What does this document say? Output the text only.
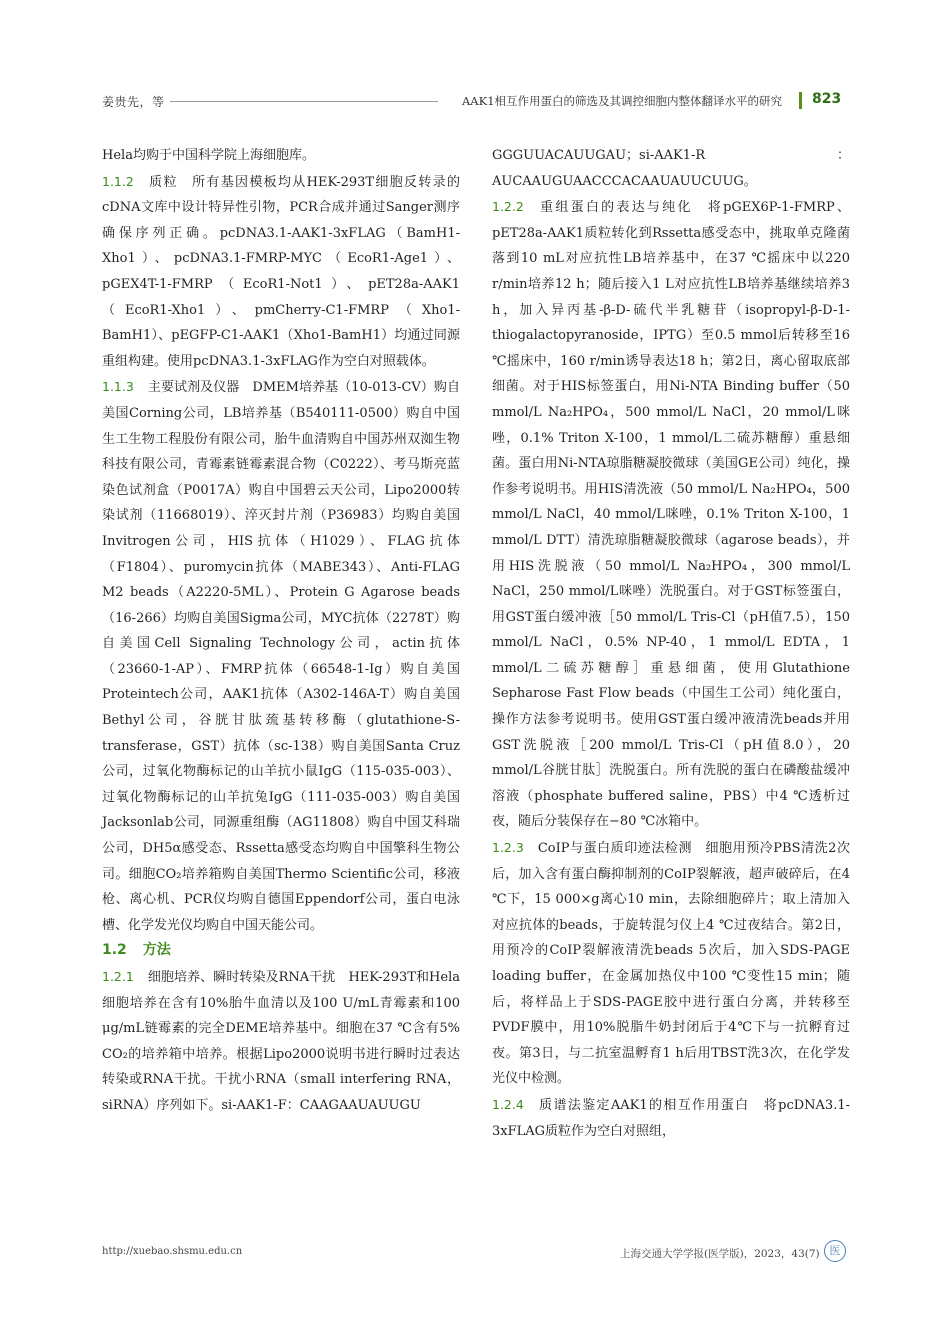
姜贵先，等	AAK1相互作用蛋白的筛选及其调控细胞内整体翻译水平的研究 823

Hela均购于中国科学院上海细胞库。

1.1.2 质粒　所有基因模板均从HEK-293T细胞反转录的cDNA文库中设计特异性引物，PCR合成并通过Sanger测序确保序列正确。pcDNA3.1-AAK1-3xFLAG（BamH1-Xho1）、pcDNA3.1-FMRP-MYC（EcoR1-Age1）、pGEX4T-1-FMRP（EcoR1-Not1）、pET28a-AAK1（EcoR1-Xho1）、pmCherry-C1-FMRP（Xho1-BamH1）、pEGFP-C1-AAK1（Xho1-BamH1）均通过同源重组构建。使用pcDNA3.1-3xFLAG作为空白对照载体。

1.1.3 主要试剂及仪器　DMEM培养基（10-013-CV）购自美国Corning公司，LB培养基（B540111-0500）购自中国生工生物工程股份有限公司，胎牛血清购自中国苏州双洳生物科技有限公司，青霉素链霉素混合物（C0222）、考马斯亮蓝染色试剂盒（P0017A）购自中国碧云天公司，Lipo2000转染试剂（11668019）、淬灭封片剂（P36983）均购自美国Invitrogen公司，HIS抗体（H1029）、FLAG抗体（F1804）、puromycin抗体（MABE343）、Anti-FLAG M2 beads（A2220-5ML）、Protein G Agarose beads（16-266）均购自美国Sigma公司，MYC抗体（2278T）购自美国Cell Signaling Technology公司，actin抗体（23660-1-AP）、FMRP抗体（66548-1-Ig）购自美国Proteintech公司，AAK1抗体（A302-146A-T）购自美国Bethyl公司，谷胱甘肽巯基转移酶（glutathione-S-transferase，GST）抗体（sc-138）购自美国Santa Cruz公司，过氧化物酶标记的山羊抗小鼠IgG（115-035-003）、过氧化物酶标记的山羊抗兔IgG（111-035-003）购自美国Jacksonlab公司，同源重组酶（AG11808）购自中国艾科瑞公司，DH5α感受态、Rssetta感受态均购自中国擎科生物公司。细胞CO₂培养箱购自美国Thermo Scientific公司，移液枪、离心机、PCR仪均购自德国Eppendorf公司，蛋白电泳槽、化学发光仪均购自中国天能公司。

1.2 方法

1.2.1 细胞培养、瞬时转染及RNA干扰　HEK-293T和Hela细胞培养在含有10%胎牛血清以及100 U/mL青霉素和100 μg/mL链霉素的完全DEME培养基中。细胞在37 ℃含有5% CO₂的培养箱中培养。根据Lipo2000说明书进行瞬时过表达转染或RNA干扰。干扰小RNA（small interfering RNA，siRNA）序列如下。si-AAK1-F：CAAGAAUAUUGU

GGGUUACAUUGAU；si-AAK1-R：AUCAAUGUAACCCACAAUAUUCUUG。

1.2.2 重组蛋白的表达与纯化　将pGEX6P-1-FMRP、pET28a-AAK1质粒转化到Rssetta感受态中，挑取单克隆菌落到10 mL对应抗性LB培养基中，在37 ℃摇床中以220 r/min培养12 h；随后接入1 L对应抗性LB培养基继续培养3 h，加入异丙基-β-D-硫代半乳糖苷（isopropyl-β-D-1-thiogalactopyranoside，IPTG）至0.5 mmol后转移至16 ℃摇床中，160 r/min诱导表达18 h；第2日，离心留取底部细菌。对于HIS标签蛋白，用Ni-NTA Binding buffer（50 mmol/L Na₂HPO₄，500 mmol/L NaCl，20 mmol/L咪唑，0.1% Triton X-100，1 mmol/L二硫苏糖醇）重悬细菌。蛋白用Ni-NTA琼脂糖凝胶微球（美国GE公司）纯化，操作参考说明书。用HIS清洗液（50 mmol/L Na₂HPO₄，500 mmol/L NaCl，40 mmol/L咪唑，0.1% Triton X-100，1 mmol/L DTT）清洗琼脂糖凝胶微球（agarose beads），并用HIS洗脱液（50 mmol/L Na₂HPO₄，300 mmol/L NaCl，250 mmol/L咪唑）洗脱蛋白。对于GST标签蛋白，用GST蛋白缓冲液［50 mmol/L Tris-Cl（pH值7.5），150 mmol/L NaCl，0.5% NP-40，1 mmol/L EDTA，1 mmol/L二硫苏糖醇］重悬细菌，使用Glutathione Sepharose Fast Flow beads（中国生工公司）纯化蛋白，操作方法参考说明书。使用GST蛋白缓冲液清洗beads并用GST洗脱液［200 mmol/L Tris-Cl（pH值8.0），20 mmol/L谷胱甘肽］洗脱蛋白。所有洗脱的蛋白在磷酸盐缓冲溶液（phosphate buffered saline，PBS）中4 ℃透析过夜，随后分装保存在−80 ℃冰箱中。

1.2.3 CoIP与蛋白质印迹法检测　细胞用预冷PBS清洗2次后，加入含有蛋白酶抑制剂的CoIP裂解液，超声破碎后，在4 ℃下，15 000×g离心10 min，去除细胞碎片；取上清加入对应抗体的beads，于旋转混匀仪上4 ℃过夜结合。第2日，用预冷的CoIP裂解液清洗beads 5次后，加入SDS-PAGE loading buffer，在金属加热仪中100 ℃变性15 min；随后，将样品上于SDS-PAGE胶中进行蛋白分离，并转移至PVDF膜中，用10%脱脂牛奶封闭后于4℃下与一抗孵育过夜。第3日，与二抗室温孵育1 h后用TBST洗3次，在化学发光仪中检测。

1.2.4 质谱法鉴定AAK1的相互作用蛋白　将pcDNA3.1-3xFLAG质粒作为空白对照组，

http://xuebao.shsmu.edu.cn	上海交通大学学报(医学版)，2023，43(7) 医
